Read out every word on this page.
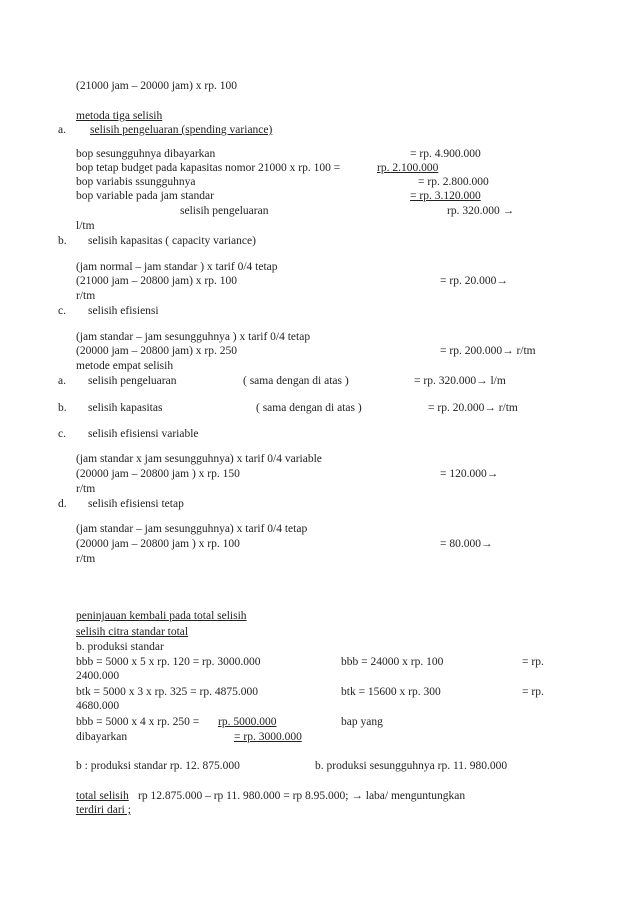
(21000 jam – 20000 jam) x rp. 100
metoda tiga selisih
a. selisih pengeluaran (spending variance)
bop sesungguhnya dibayarkan	= rp. 4.900.000
bop tetap budget pada kapasitas nomor 21000 x rp. 100 =	rp. 2.100.000
bop variabis ssungguhnya	= rp. 2.800.000
bop variable pada jam standar	= rp. 3.120.000
selisih pengeluaran	rp. 320.000 →
l/tm
b. selisih kapasitas ( capacity variance)
(jam normal – jam standar ) x tarif 0/4 tetap
(21000 jam – 20800 jam) x rp. 100	= rp. 20.000→
r/tm
c. selisih efisiensi
(jam standar – jam sesungguhnya ) x tarif 0/4 tetap
(20000 jam – 20800 jam) x rp. 250	= rp. 200.000→ r/tm
metode empat selisih
a. selisih pengeluaran	( sama dengan di atas )	= rp. 320.000→ l/m
b. selisih kapasitas	( sama dengan di atas )	= rp. 20.000→ r/tm
c. selisih efisiensi variable
(jam standar x jam sesungguhnya) x tarif 0/4 variable
(20000 jam – 20800 jam ) x rp. 150	= 120.000→
r/tm
d. selisih efisiensi tetap
(jam standar – jam sesungguhnya) x tarif 0/4 tetap
(20000 jam – 20800 jam ) x rp. 100	= 80.000→
r/tm
peninjauan kembali pada total selisih
selisih citra standar total
b. produksi standar
bbb = 5000 x 5 x rp. 120 = rp. 3000.000	bbb = 24000 x rp. 100	= rp.
2400.000
btk = 5000 x 3 x rp. 325 = rp. 4875.000	btk = 15600 x rp. 300	= rp.
4680.000
bbb = 5000 x 4 x rp. 250 = rp. 5000.000	bap yang
dibayarkan	= rp. 3000.000
b : produksi standar rp. 12. 875.000	b. produksi sesungguhnya rp. 11. 980.000
total selisih rp 12.875.000 – rp 11. 980.000 = rp 8.95.000; → laba/ menguntungkan
terdiri dari ;
